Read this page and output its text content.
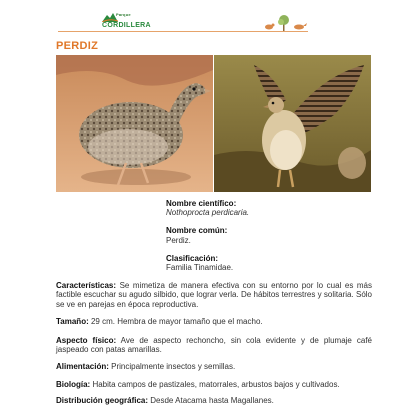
Parque
CORDILLERA
PERDIZ
Nombre científico:
Nothoprocta perdicaria.
Nombre común:
Perdiz.
Clasificación:
Familia Tinamidae.
Características: Se mimetiza de manera efectiva con su entorno por lo cual es más factible escuchar su agudo silbido, que lograr verla. De hábitos terrestres y solitaria. Sólo se ve en parejas en época reproductiva.
Tamaño: 29 cm. Hembra de mayor tamaño que el macho.
Aspecto físico: Ave de aspecto rechoncho, sin cola evidente y de plumaje café jaspeado con patas amarillas.
Alimentación: Principalmente insectos y semillas.
Biología: Habita campos de pastizales, matorrales, arbustos bajos y cultivados.
Distribución geográfica: Desde Atacama hasta Magallanes.
